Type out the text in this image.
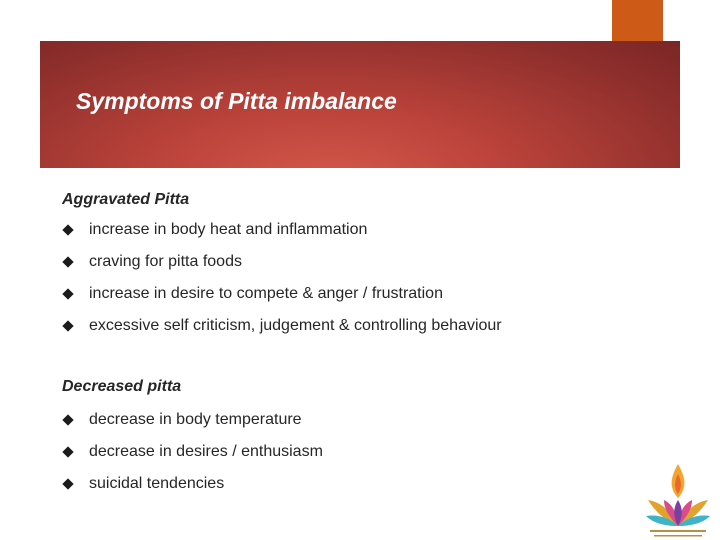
Symptoms of Pitta imbalance
Aggravated Pitta
increase in body heat and inflammation
craving for pitta foods
increase in desire to compete & anger / frustration
excessive self criticism, judgement & controlling behaviour
Decreased pitta
decrease in body temperature
decrease in desires / enthusiasm
suicidal tendencies
